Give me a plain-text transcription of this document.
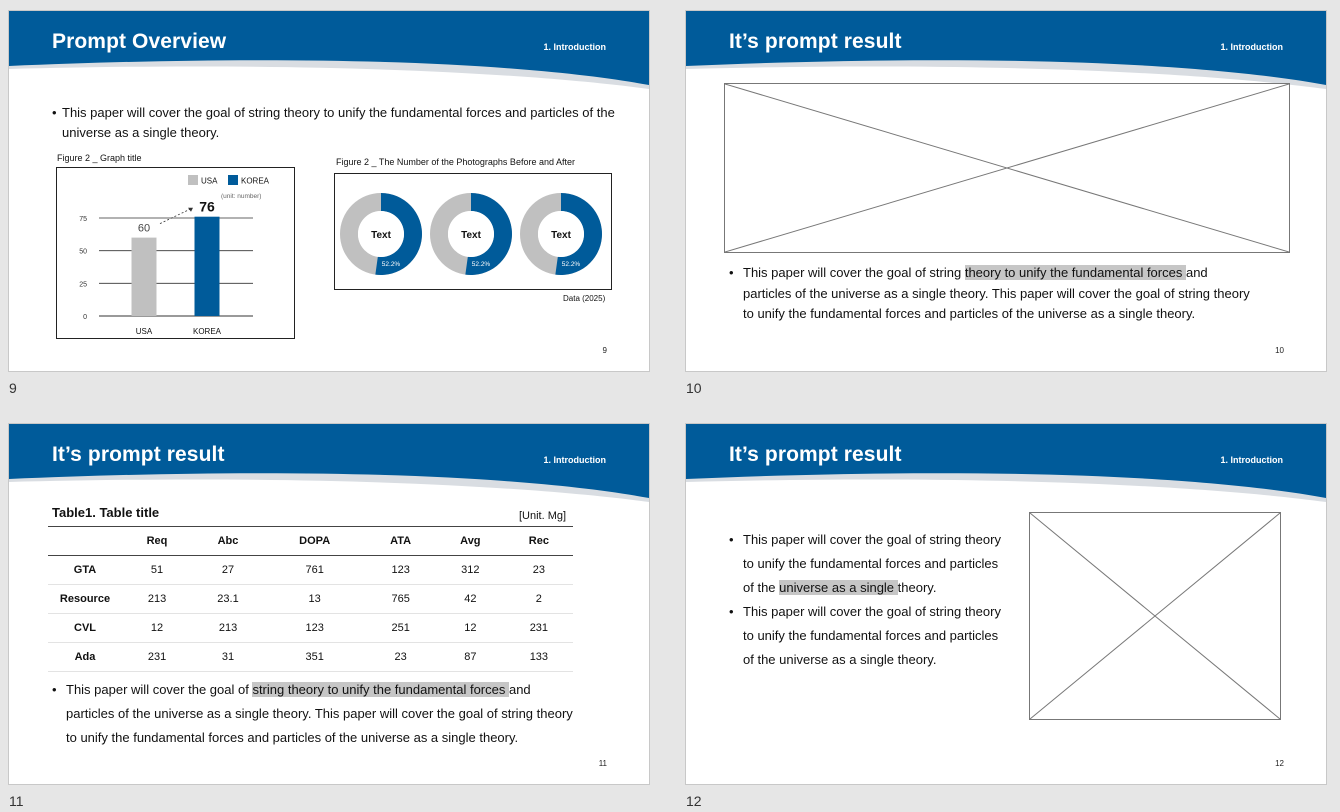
Prompt Overview	1. Introduction
• This paper will cover the goal of string theory to unify the fundamental forces and particles of the universe as a single theory.
Figure 2 _ Graph title	Figure 2 _ The Number of the Photographs Before and After
0
25
50
75
USA	KOREA
60
76
USA	KOREA
(unit: number)
Text
52.2%
Text
52.2%
Text
52.2%
Data (2025)
9
9
It’s prompt result	1. Introduction
• This paper will cover the goal of string theory to unify the fundamental forces and
particles of the universe as a single theory. This paper will cover the goal of string theory
to unify the fundamental forces and particles of the universe as a single theory.
10
10
It’s prompt result	1. Introduction
Table1. Table title	[Unit. Mg]
	Req	Abc	DOPA	ATA	Avg	Rec
GTA	51	27	761	123	312	23
Resource	213	23.1	13	765	42	2
CVL	12	213	123	251	12	231
Ada	231	31	351	23	87	133
• This paper will cover the goal of string theory to unify the fundamental forces and
particles of the universe as a single theory. This paper will cover the goal of string theory
to unify the fundamental forces and particles of the universe as a single theory.
11
11
It’s prompt result	1. Introduction
• This paper will cover the goal of string theory
to unify the fundamental forces and particles
of the universe as a single theory.
• This paper will cover the goal of string theory
to unify the fundamental forces and particles
of the universe as a single theory.
12
12
